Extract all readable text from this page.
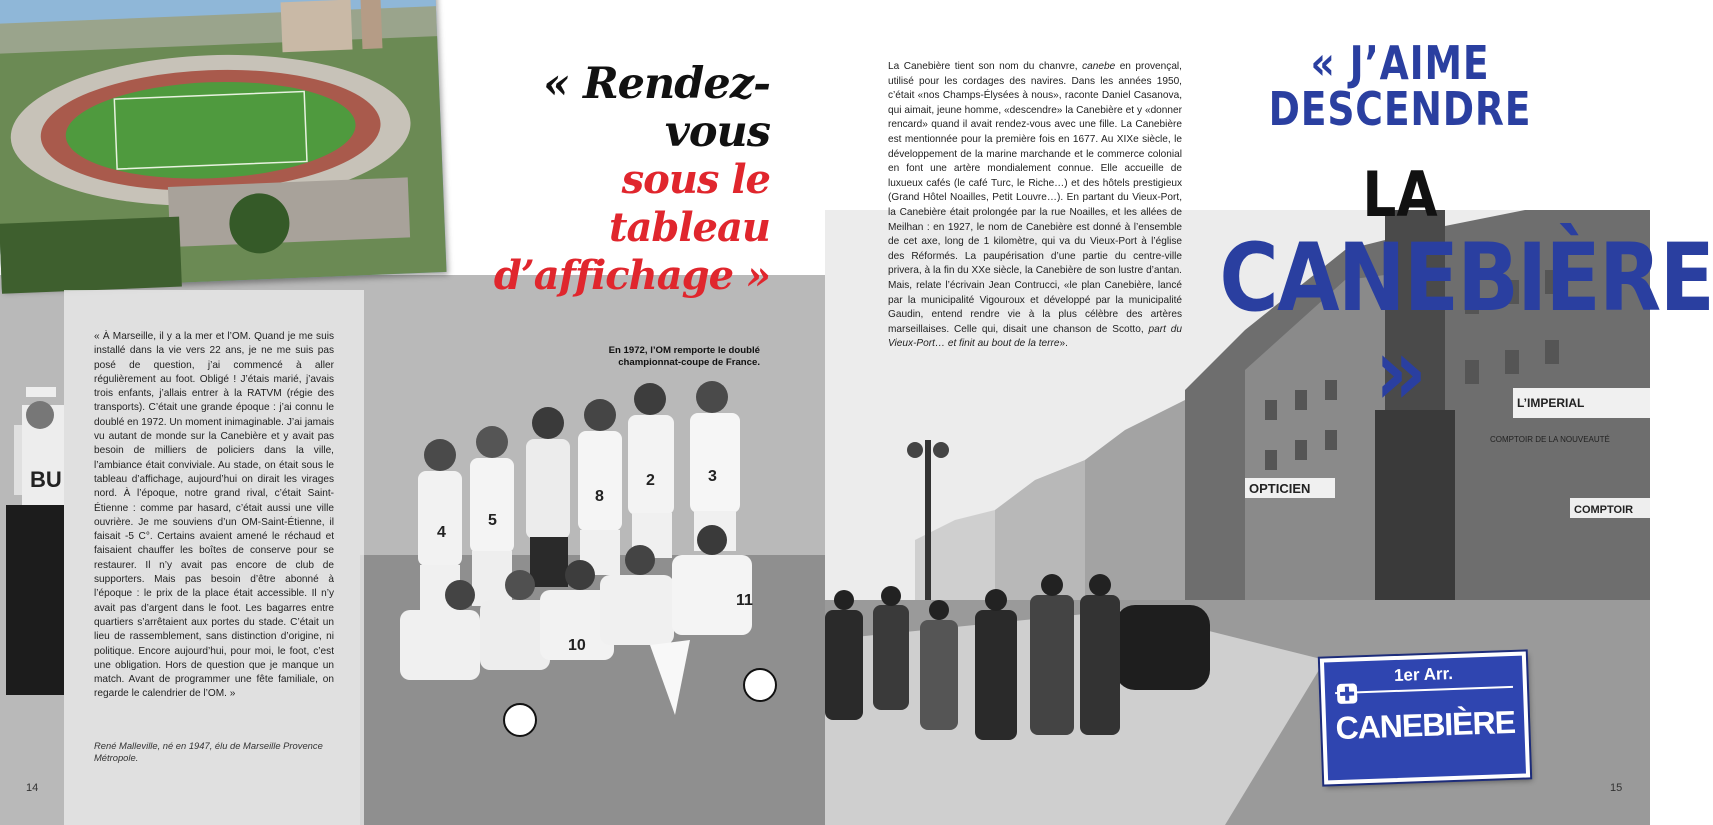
BU
4
5
8
2	3
10
11
« Rendez-vous
sous le tableau
d’affichage »

« À Marseille, il y a la mer et l’OM. Quand je me suis installé dans la vie vers 22 ans, je ne me suis pas posé de question, j’ai commencé à aller régulièrement au foot. Obligé ! J’étais marié, j’avais trois enfants, j’allais entrer à la RATVM (régie des transports). C’était une grande époque : j’ai connu le doublé en 1972. Un moment inimaginable. J’ai jamais vu autant de monde sur la Canebière et y avait pas besoin de milliers de policiers dans la ville, l’ambiance était conviviale. Au stade, on était sous le tableau d’affichage, aujourd’hui on dirait les virages nord. À l’époque, notre grand rival, c’était Saint-Étienne : comme par hasard, c’était aussi une ville ouvrière. Je me souviens d’un OM-Saint-Étienne, il faisait -5 C°. Certains avaient amené le réchaud et faisaient chauffer les boîtes de conserve pour se restaurer. Il n’y avait pas encore de club de supporters. Mais pas besoin d’être abonné à l’époque : le prix de la place était accessible. Il n’y avait pas d’argent dans le foot. Les bagarres entre quartiers s’arrêtaient aux portes du stade. C’était un lieu de rassemblement, sans distinction d’origine, ni politique. Encore aujourd’hui, pour moi, le foot, c’est une obligation. Hors de question que je manque un match. Avant de programmer une fête familiale, on regarde le calendrier de l’OM. »

René Malleville, né en 1947, élu de Marseille Provence Métropole.

En 1972, l’OM remporte le doublé
championnat-coupe de France.
14
OPTICIEN
L’IMPERIAL
COMPTOIR
COMPTOIR DE LA NOUVEAUTÉ

La Canebière tient son nom du chanvre, canebe en provençal, utilisé pour les cordages des navires. Dans les années 1950, c’était «nos Champs-Élysées à nous», raconte Daniel Casanova, qui aimait, jeune homme, «descendre» la Canebière et y «donner rencard» quand il avait rendez-vous avec une fille. La Canebière est mentionnée pour la première fois en 1677. Au XIXe siècle, le développement de la marine marchande et le commerce colonial en font une artère mondialement connue. Elle accueille de luxueux cafés (le café Turc, le Riche…) et des hôtels prestigieux (Grand Hôtel Noailles, Petit Louvre…). En partant du Vieux-Port, la Canebière était prolongée par la rue Noailles, et les allées de Meilhan : en 1927, le nom de Canebière est donné à l’ensemble de cet axe, long de 1 kilomètre, qui va du Vieux-Port à l’église des Réformés. La paupérisation d’une partie du centre-ville privera, à la fin du XXe siècle, la Canebière de son lustre d’antan. Mais, relate l’écrivain Jean Contrucci, «le plan Canebière, lancé par la municipalité Vigouroux et développé par la municipalité Gaudin, entend rendre vie à la plus célèbre des artères marseillaises. Celle qui, disait une chanson de Scotto, part du Vieux-Port… et finit au bout de la terre».

« J’AIME DESCENDRE
LA CANEBIÈRE »
1er Arr.
CANEBIÈRE
15
